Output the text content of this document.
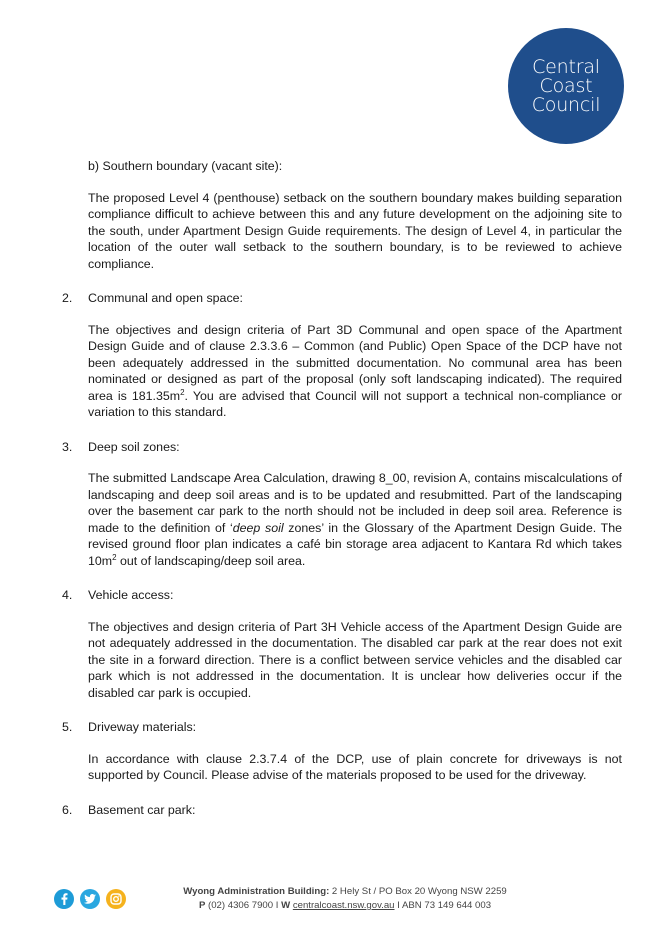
Central
Coast
Council

b) Southern boundary (vacant site):

The proposed Level 4 (penthouse) setback on the southern boundary makes building separation compliance difficult to achieve between this and any future development on the adjoining site to the south, under Apartment Design Guide requirements. The design of Level 4, in particular the location of the outer wall setback to the southern boundary, is to be reviewed to achieve compliance.

2.	Communal and open space:

The objectives and design criteria of Part 3D Communal and open space of the Apartment Design Guide and of clause 2.3.3.6 – Common (and Public) Open Space of the DCP have not been adequately addressed in the submitted documentation. No communal area has been nominated or designed as part of the proposal (only soft landscaping indicated). The required area is $181.35m^2$. You are advised that Council will not support a technical non-compliance or variation to this standard.

3.	Deep soil zones:

The submitted Landscape Area Calculation, drawing 8_00, revision A, contains miscalculations of landscaping and deep soil areas and is to be updated and resubmitted. Part of the landscaping over the basement car park to the north should not be included in deep soil area. Reference is made to the definition of ‘deep soil zones’ in the Glossary of the Apartment Design Guide. The revised ground floor plan indicates a café bin storage area adjacent to Kantara Rd which takes $10m^2$ out of landscaping/deep soil area.

4.	Vehicle access:

The objectives and design criteria of Part 3H Vehicle access of the Apartment Design Guide are not adequately addressed in the documentation. The disabled car park at the rear does not exit the site in a forward direction. There is a conflict between service vehicles and the disabled car park which is not addressed in the documentation. It is unclear how deliveries occur if the disabled car park is occupied.

5.	Driveway materials:

In accordance with clause 2.3.7.4 of the DCP, use of plain concrete for driveways is not supported by Council. Please advise of the materials proposed to be used for the driveway.

6.	Basement car park:
Wyong Administration Building: 2 Hely St / PO Box 20 Wyong NSW 2259
P (02) 4306 7900 I W centralcoast.nsw.gov.au I ABN 73 149 644 003
